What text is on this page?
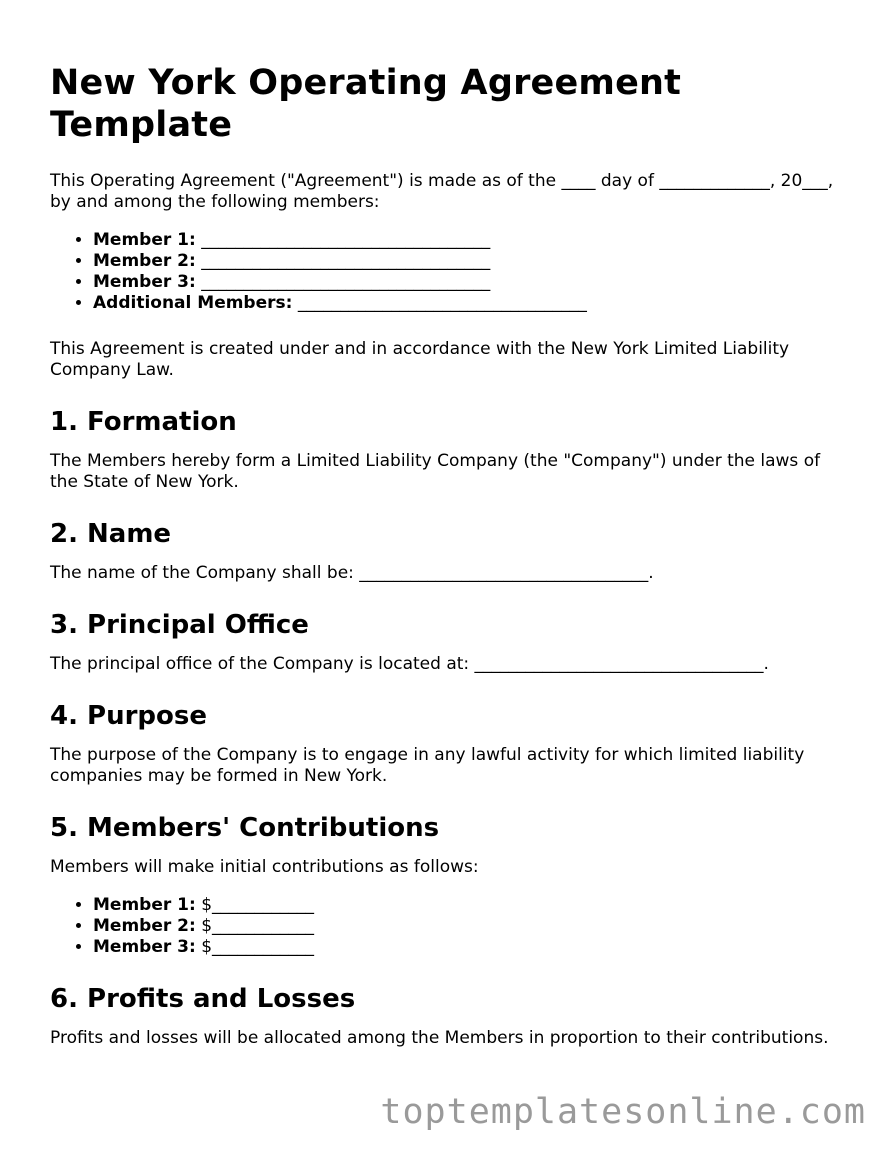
New York Operating Agreement Template

This Operating Agreement ("Agreement") is made as of the ____ day of _____________, 20___, by and among the following members:

• Member 1: __________________________________
• Member 2: __________________________________
• Member 3: __________________________________
• Additional Members: __________________________________

This Agreement is created under and in accordance with the New York Limited Liability Company Law.

1. Formation

The Members hereby form a Limited Liability Company (the "Company") under the laws of the State of New York.

2. Name

The name of the Company shall be: __________________________________.

3. Principal Office

The principal office of the Company is located at: __________________________________.

4. Purpose

The purpose of the Company is to engage in any lawful activity for which limited liability companies may be formed in New York.

5. Members' Contributions

Members will make initial contributions as follows:

• Member 1: $____________
• Member 2: $____________
• Member 3: $____________
6. Profits and Losses

Profits and losses will be allocated among the Members in proportion to their contributions.

toptemplatesonline.com
